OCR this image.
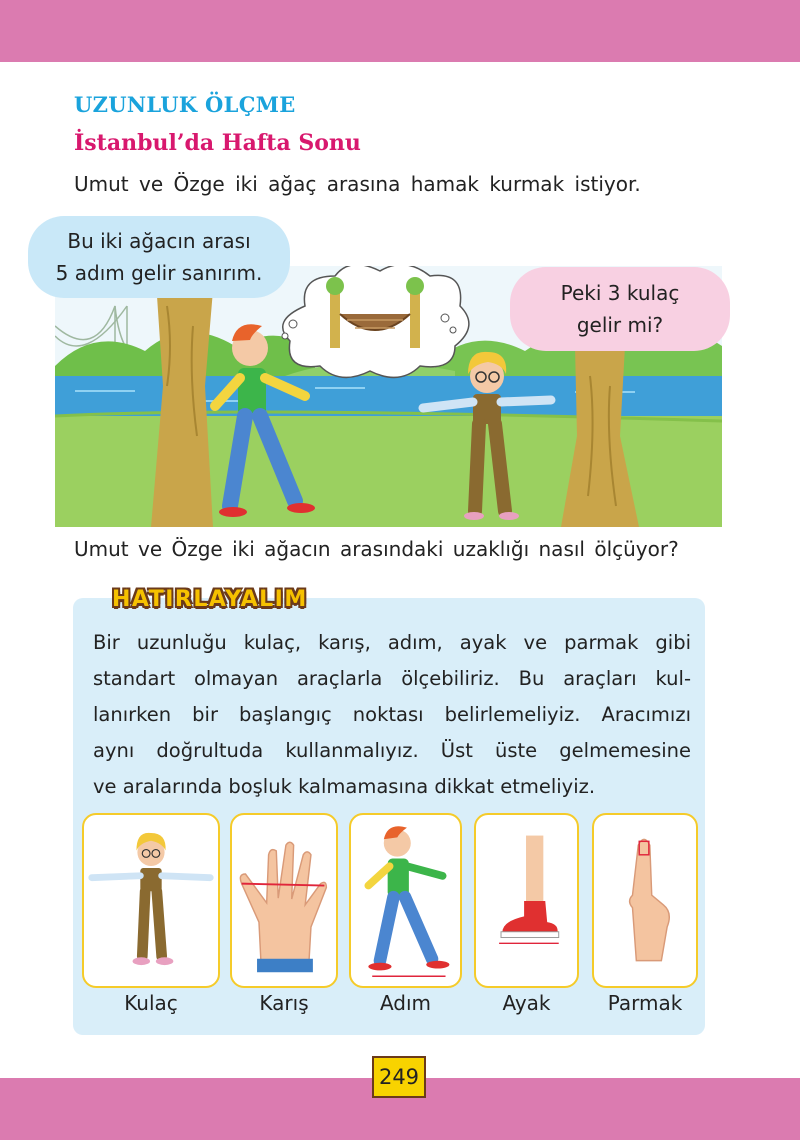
UZUNLUK ÖLÇME
İstanbul’da Hafta Sonu
Umut ve Özge iki ağaç arasına hamak kurmak istiyor.
Bu iki ağacın arası
5 adım gelir sanırım.
Peki 3 kulaç
gelir mi?
Umut ve Özge iki ağacın arasındaki uzaklığı nasıl ölçüyor?
HATIRLAYALIM
Bir uzunluğu kulaç, karış, adım, ayak ve parmak gibi
standart olmayan araçlarla ölçebiliriz. Bu araçları kul-
lanırken bir başlangıç noktası belirlemeliyiz. Aracımızı
aynı doğrultuda kullanmalıyız. Üst üste gelmemesine
ve aralarında boşluk kalmamasına dikkat etmeliyiz.
Kulaç	Karış	Adım	Ayak	Parmak
249
